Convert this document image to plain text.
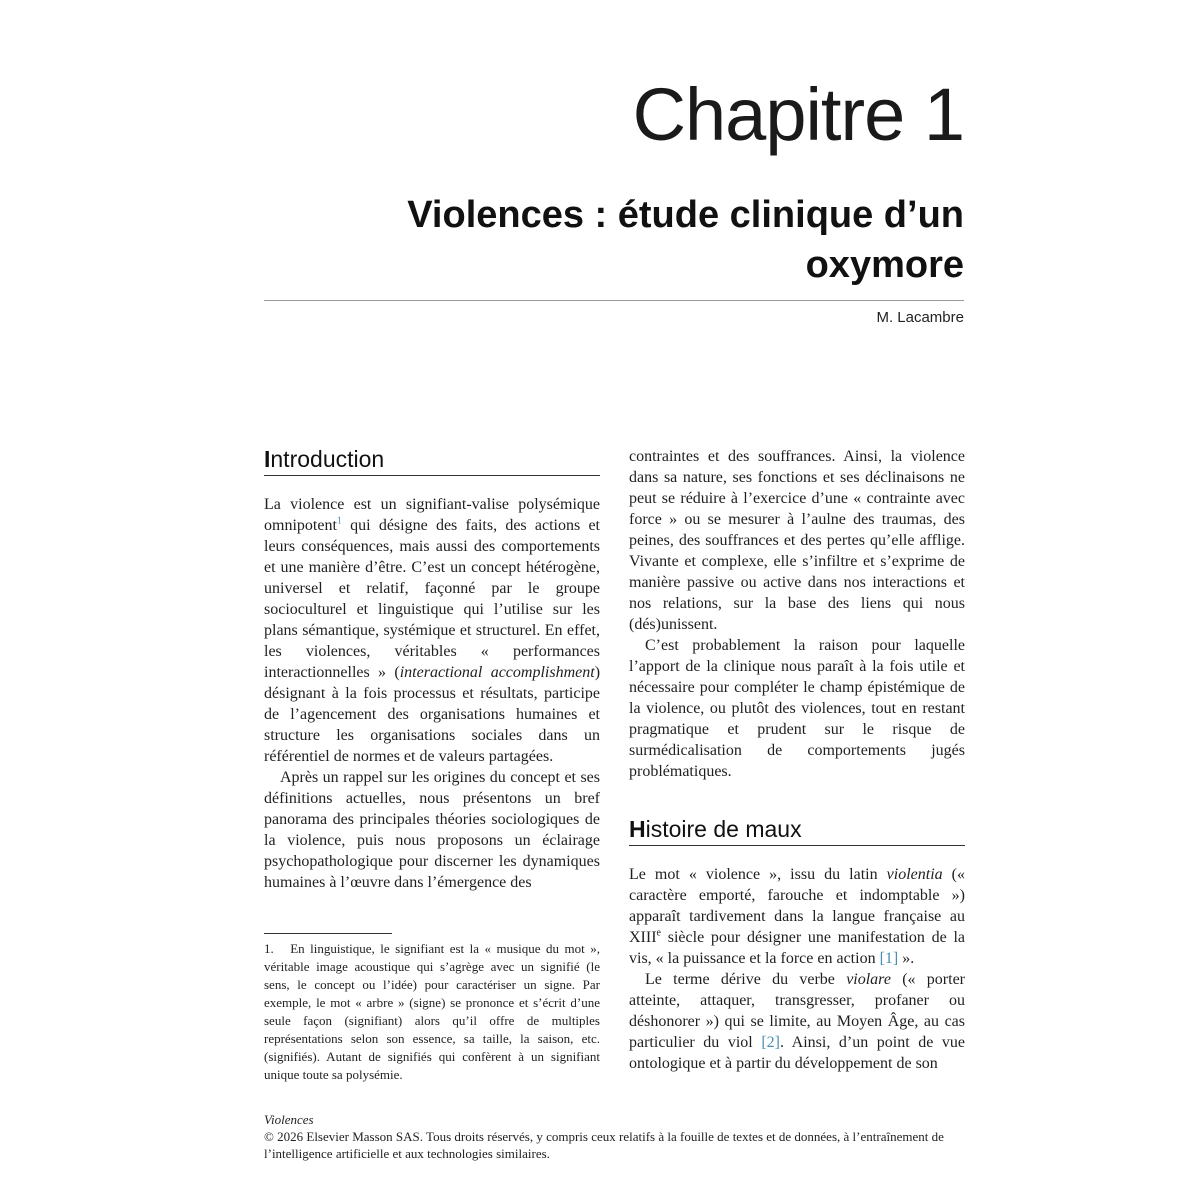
Chapitre 1
Violences : étude clinique d’un oxymore
M. Lacambre
Introduction

La violence est un signifiant-valise polysémique omnipotent$^1$ qui désigne des faits, des actions et leurs conséquences, mais aussi des comportements et une manière d’être. C’est un concept hétérogène, universel et relatif, façonné par le groupe socioculturel et linguistique qui l’utilise sur les plans sémantique, systémique et structurel. En effet, les violences, véritables « performances interactionnelles » (interactional accomplishment) désignant à la fois processus et résultats, participe de l’agencement des organisations humaines et structure les organisations sociales dans un référentiel de normes et de valeurs partagées.

Après un rappel sur les origines du concept et ses définitions actuelles, nous présentons un bref panorama des principales théories sociologiques de la violence, puis nous proposons un éclairage psychopathologique pour discerner les dynamiques humaines à l’œuvre dans l’émergence des

contraintes et des souffrances. Ainsi, la violence dans sa nature, ses fonctions et ses déclinaisons ne peut se réduire à l’exercice d’une « contrainte avec force » ou se mesurer à l’aulne des traumas, des peines, des souffrances et des pertes qu’elle afflige. Vivante et complexe, elle s’infiltre et s’exprime de manière passive ou active dans nos interactions et nos relations, sur la base des liens qui nous (dés)unissent.

C’est probablement la raison pour laquelle l’apport de la clinique nous paraît à la fois utile et nécessaire pour compléter le champ épistémique de la violence, ou plutôt des violences, tout en restant pragmatique et prudent sur le risque de surmédicalisation de comportements jugés problématiques.

Histoire de maux

Le mot « violence », issu du latin violentia (« caractère emporté, farouche et indomptable ») apparaît tardivement dans la langue française au XIIIe siècle pour désigner une manifestation de la vis, « la puissance et la force en action [1] ».

Le terme dérive du verbe violare (« porter atteinte, attaquer, transgresser, profaner ou déshonorer ») qui se limite, au Moyen Âge, au cas particulier du viol [2]. Ainsi, d’un point de vue ontologique et à partir du développement de son

1. En linguistique, le signifiant est la « musique du mot », véritable image acoustique qui s’agrège avec un signifié (le sens, le concept ou l’idée) pour caractériser un signe. Par exemple, le mot « arbre » (signe) se prononce et s’écrit d’une seule façon (signifiant) alors qu’il offre de multiples représentations selon son essence, sa taille, la saison, etc. (signifiés). Autant de signifiés qui confèrent à un signifiant unique toute sa polysémie.
Violences
© 2026 Elsevier Masson SAS. Tous droits réservés, y compris ceux relatifs à la fouille de textes et de données, à l’entraînement de l’intelligence artificielle et aux technologies similaires.
